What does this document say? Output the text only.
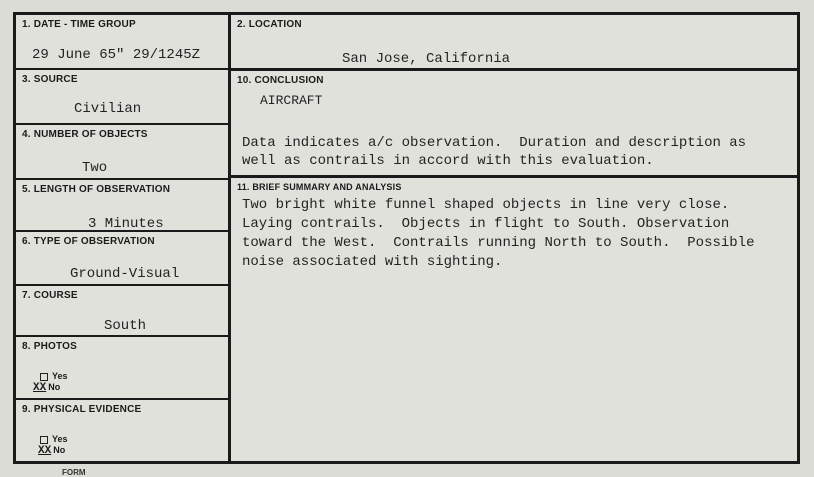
1. DATE - TIME GROUP
29 June 65" 29/1245Z
3. SOURCE
Civilian
4. NUMBER OF OBJECTS
Two
5. LENGTH OF OBSERVATION
3 Minutes
6. TYPE OF OBSERVATION
Ground-Visual
7. COURSE
South
8. PHOTOS
Yes
XX No
9. PHYSICAL EVIDENCE
Yes
XX No
2. LOCATION
San Jose, California
10. CONCLUSION
AIRCRAFT
Data indicates a/c observation.  Duration and description as
well as contrails in accord with this evaluation.
11. BRIEF SUMMARY AND ANALYSIS
Two bright white funnel shaped objects in line very close.
Laying contrails.  Objects in flight to South. Observation
toward the West.  Contrails running North to South.  Possible
noise associated with sighting.
FORM
